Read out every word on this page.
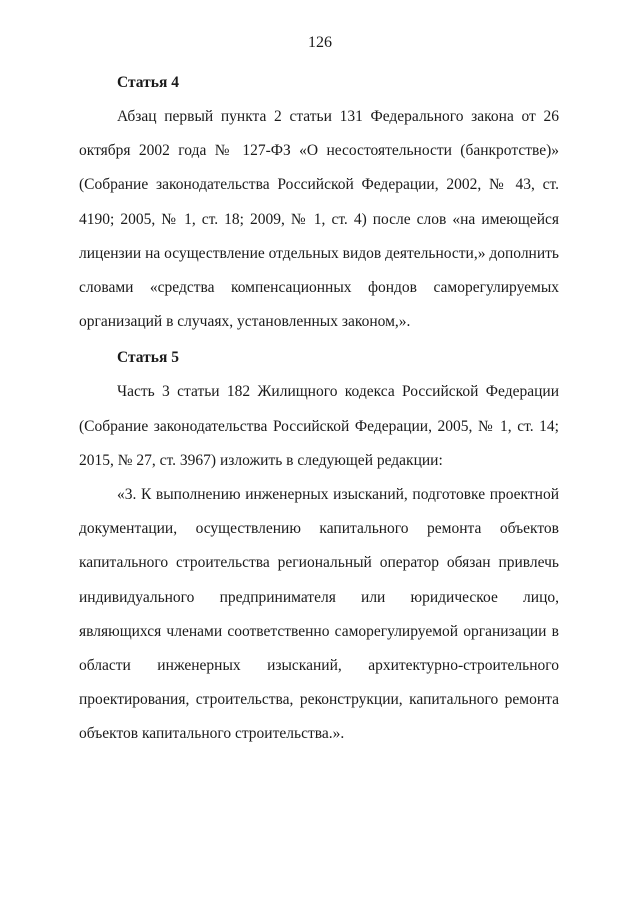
126

Статья 4

Абзац первый пункта 2 статьи 131 Федерального закона от 26 октября 2002 года № 127-ФЗ «О несостоятельности (банкротстве)» (Собрание законодательства Российской Федерации, 2002, № 43, ст. 4190; 2005, № 1, ст. 18; 2009, № 1, ст. 4) после слов «на имеющейся лицензии на осуществление отдельных видов деятельности,» дополнить словами «средства компенсационных фондов саморегулируемых организаций в случаях, установленных законом,».

Статья 5

Часть 3 статьи 182 Жилищного кодекса Российской Федерации (Собрание законодательства Российской Федерации, 2005, № 1, ст. 14; 2015, № 27, ст. 3967) изложить в следующей редакции:

«3. К выполнению инженерных изысканий, подготовке проектной документации, осуществлению капитального ремонта объектов капитального строительства региональный оператор обязан привлечь индивидуального предпринимателя или юридическое лицо, являющихся членами соответственно саморегулируемой организации в области инженерных изысканий, архитектурно-строительного проектирования, строительства, реконструкции, капитального ремонта объектов капитального строительства.».
